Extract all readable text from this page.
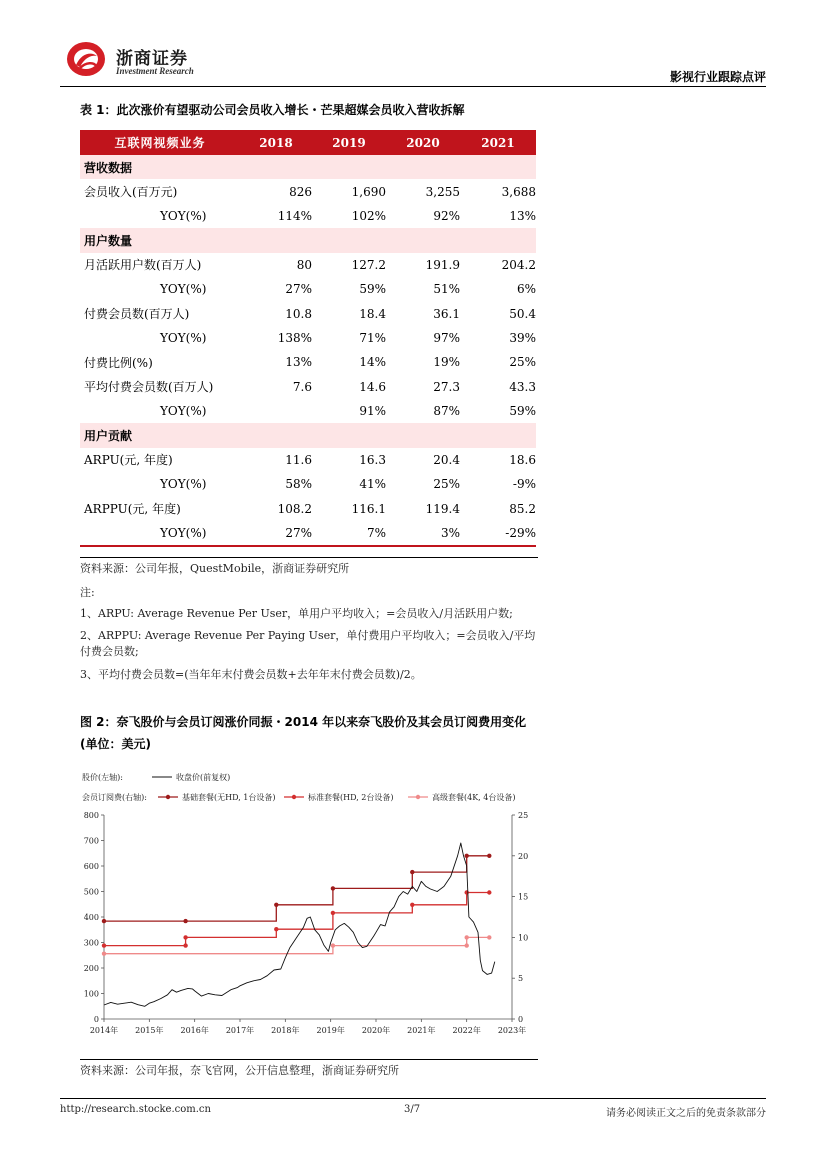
浙商证券
Investment Research	影视行业跟踪点评
表 1：此次涨价有望驱动公司会员收入增长・芒果超媒会员收入营收拆解
互联网视频业务	2018	2019	2020	2021
营收数据				
会员收入(百万元)	826	1,690	3,255	3,688
YOY(%)	114%	102%	92%	13%
用户数量				
月活跃用户数(百万人)	80	127.2	191.9	204.2
YOY(%)	27%	59%	51%	6%
付费会员数(百万人)	10.8	18.4	36.1	50.4
YOY(%)	138%	71%	97%	39%
付费比例(%)	13%	14%	19%	25%
平均付费会员数(百万人)	7.6	14.6	27.3	43.3
YOY(%)		91%	87%	59%
用户贡献				
ARPU(元, 年度)	11.6	16.3	20.4	18.6
YOY(%)	58%	41%	25%	-9%
ARPPU(元, 年度)	108.2	116.1	119.4	85.2
YOY(%)	27%	7%	3%	-29%
资料来源：公司年报，QuestMobile，浙商证券研究所
注:
1、ARPU: Average Revenue Per User，单用户平均收入；=会员收入/月活跃用户数;
2、ARPPU: Average Revenue Per Paying User，单付费用户平均收入；=会员收入/平均付费会员数;
3、平均付费会员数=(当年年末付费会员数+去年年末付费会员数)/2。
图 2：奈飞股价与会员订阅涨价同振・2014 年以来奈飞股价及其会员订阅费用变化(单位：美元)
股价(左轴):	收盘价(前复权)
会员订阅费(右轴):	基础套餐(无HD, 1台设备)	标准套餐(HD, 2台设备)	高级套餐(4K, 4台设备)
0
100
200
300
400
500
600
700
800
0
5
10
15
20
25
2014年 2015年 2016年 2017年 2018年 2019年 2020年 2021年 2022年 2023年
资料来源：公司年报，奈飞官网，公开信息整理，浙商证券研究所
http://research.stocke.com.cn	3/7	请务必阅读正文之后的免责条款部分
